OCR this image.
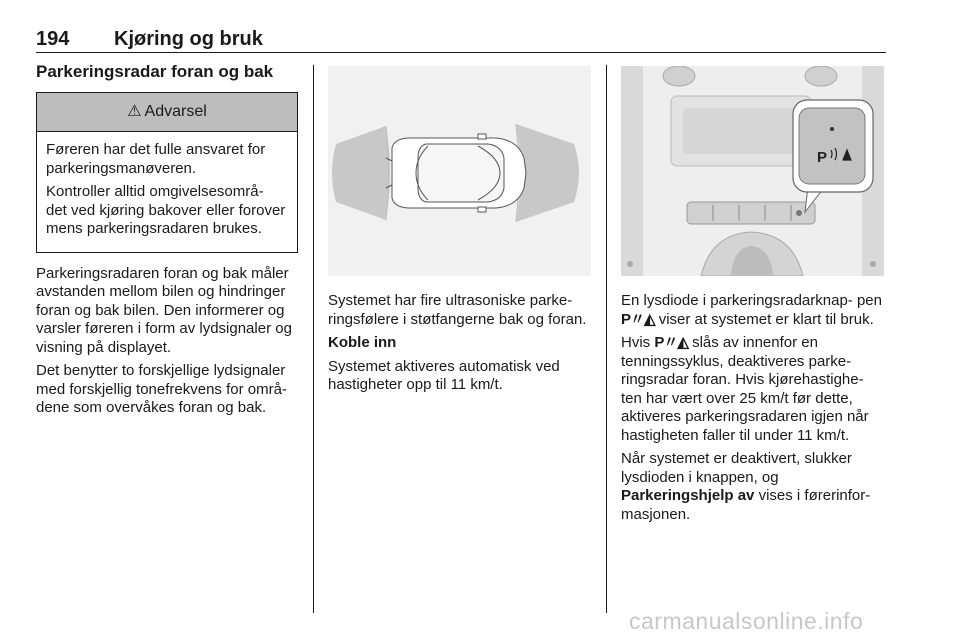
194 Kjøring og bruk
Parkeringsradar foran og bak
⚠ Advarsel

Føreren har det fulle ansvaret for parkeringsmanøveren.

Kontroller alltid omgivelsesområ- det ved kjøring bakover eller forover mens parkeringsradaren brukes.

Parkeringsradaren foran og bak måler avstanden mellom bilen og hindringer foran og bak bilen. Den informerer og varsler føreren i form av lydsignaler og visning på displayet.

Det benytter to forskjellige lydsignaler med forskjellig tonefrekvens for områ- dene som overvåkes foran og bak.

Systemet har fire ultrasoniske parke- ringsfølere i støtfangerne bak og foran.

Koble inn

Systemet aktiveres automatisk ved hastigheter opp til 11 km/t.

P

En lysdiode i parkeringsradarknap- pen P〃◭ viser at systemet er klart til bruk.

Hvis P〃◭ slås av innenfor en tenningssyklus, deaktiveres parke- ringsradar foran. Hvis kjørehastighe- ten har vært over 25 km/t før dette, aktiveres parkeringsradaren igjen når hastigheten faller til under 11 km/t.

Når systemet er deaktivert, slukker lysdioden i knappen, og Parkeringshjelp av vises i førerinfor- masjonen.

carmanualsonline.info
